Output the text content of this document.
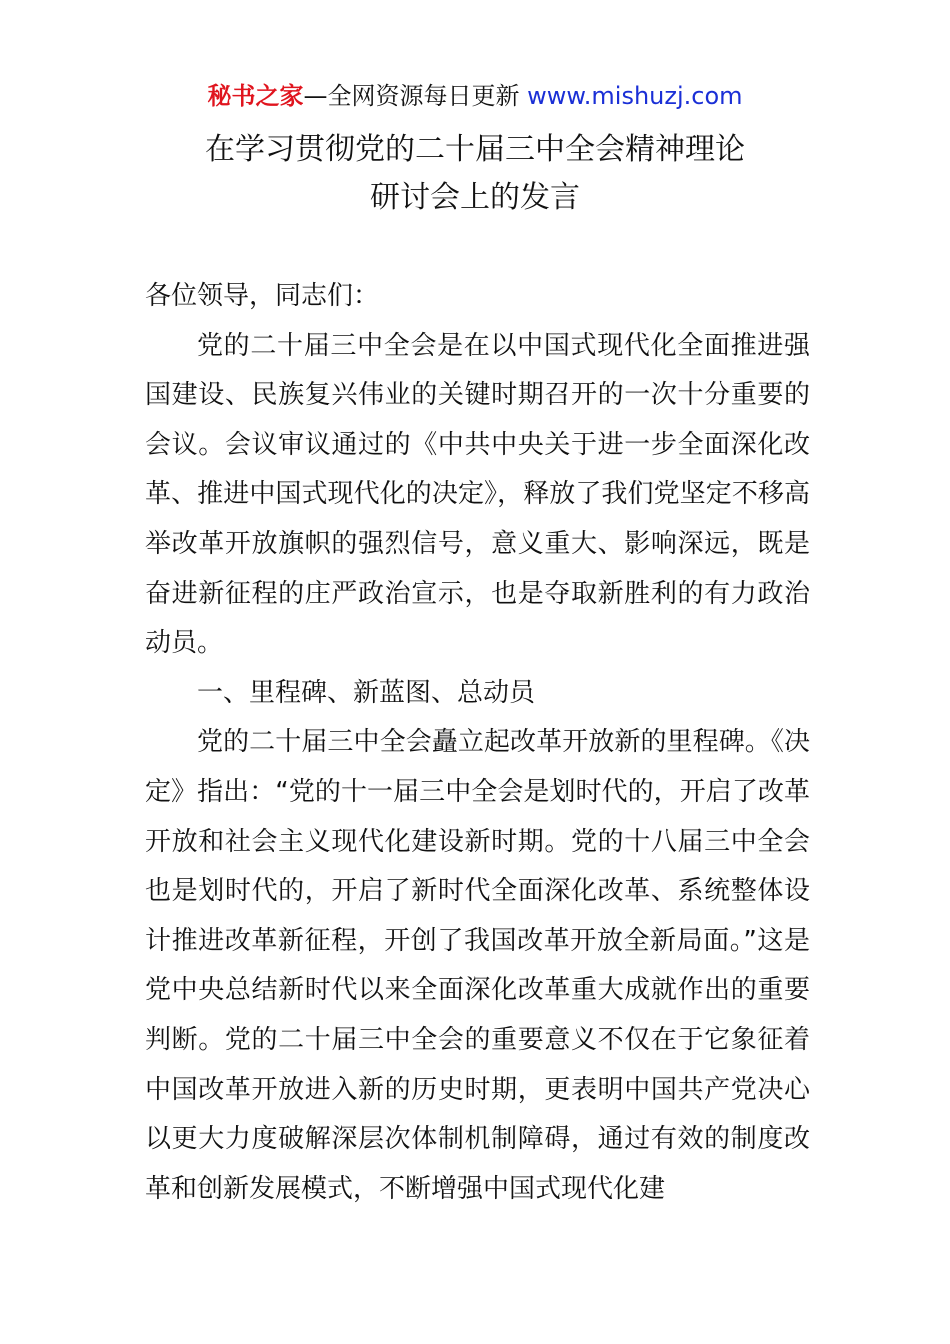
秘书之家—全网资源每日更新 www.mishuzj.com
在学习贯彻党的二十届三中全会精神理论
研讨会上的发言

各位领导，同志们：

党的二十届三中全会是在以中国式现代化全面推进强国建设、民族复兴伟业的关键时期召开的一次十分重要的会议。会议审议通过的《中共中央关于进一步全面深化改革、推进中国式现代化的决定》，释放了我们党坚定不移高举改革开放旗帜的强烈信号，意义重大、影响深远，既是奋进新征程的庄严政治宣示，也是夺取新胜利的有力政治动员。

一、里程碑、新蓝图、总动员

党的二十届三中全会矗立起改革开放新的里程碑。《决定》指出：“党的十一届三中全会是划时代的，开启了改革开放和社会主义现代化建设新时期。党的十八届三中全会也是划时代的，开启了新时代全面深化改革、系统整体设计推进改革新征程，开创了我国改革开放全新局面。”这是党中央总结新时代以来全面深化改革重大成就作出的重要判断。党的二十届三中全会的重要意义不仅在于它象征着中国改革开放进入新的历史时期，更表明中国共产党决心以更大力度破解深层次体制机制障碍，通过有效的制度改革和创新发展模式，不断增强中国式现代化建
